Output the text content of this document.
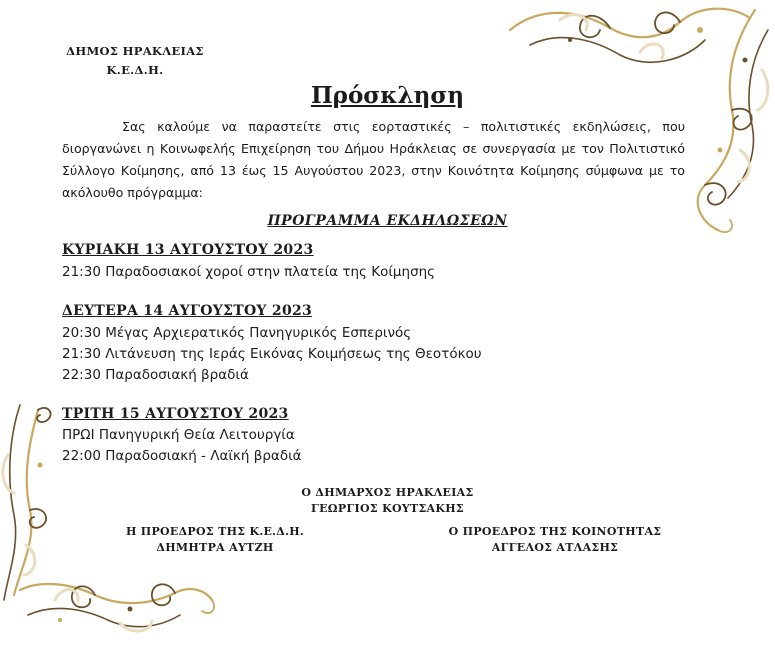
ΔΗΜΟΣ ΗΡΑΚΛΕΙΑΣ
Κ.Ε.Δ.Η.
Πρόσκληση
Σας καλούμε να παραστείτε στις εορταστικές – πολιτιστικές εκδηλώσεις, που διοργανώνει η Κοινωφελής Επιχείρηση του Δήμου Ηράκλειας σε συνεργασία με τον Πολιτιστικό Σύλλογο Κοίμησης, από 13 έως 15 Αυγούστου 2023, στην Κοινότητα Κοίμησης σύμφωνα με το ακόλουθο πρόγραμμα:
ΠΡΟΓΡΑΜΜΑ ΕΚΔΗΛΩΣΕΩΝ
ΚΥΡΙΑΚΗ 13 ΑΥΓΟΥΣΤΟΥ 2023
21:30 Παραδοσιακοί χοροί στην πλατεία της Κοίμησης
ΔΕΥΤΕΡΑ 14 ΑΥΓΟΥΣΤΟΥ 2023
20:30 Μέγας Αρχιερατικός Πανηγυρικός Εσπερινός
21:30 Λιτάνευση της Ιεράς Εικόνας Κοιμήσεως της Θεοτόκου
22:30 Παραδοσιακή βραδιά
ΤΡΙΤΗ 15 ΑΥΓΟΥΣΤΟΥ 2023
ΠΡΩΙ Πανηγυρική Θεία Λειτουργία
22:00 Παραδοσιακή - Λαϊκή βραδιά
Ο ΔΗΜΑΡΧΟΣ ΗΡΑΚΛΕΙΑΣ
ΓΕΩΡΓΙΟΣ ΚΟΥΤΣΑΚΗΣ
Η ΠΡΟΕΔΡΟΣ ΤΗΣ Κ.Ε.Δ.Η.
ΔΗΜΗΤΡΑ ΑΥΤΖΗ
Ο ΠΡΟΕΔΡΟΣ ΤΗΣ ΚΟΙΝΟΤΗΤΑΣ
ΑΓΓΕΛΟΣ ΑΤΛΑΣΗΣ
